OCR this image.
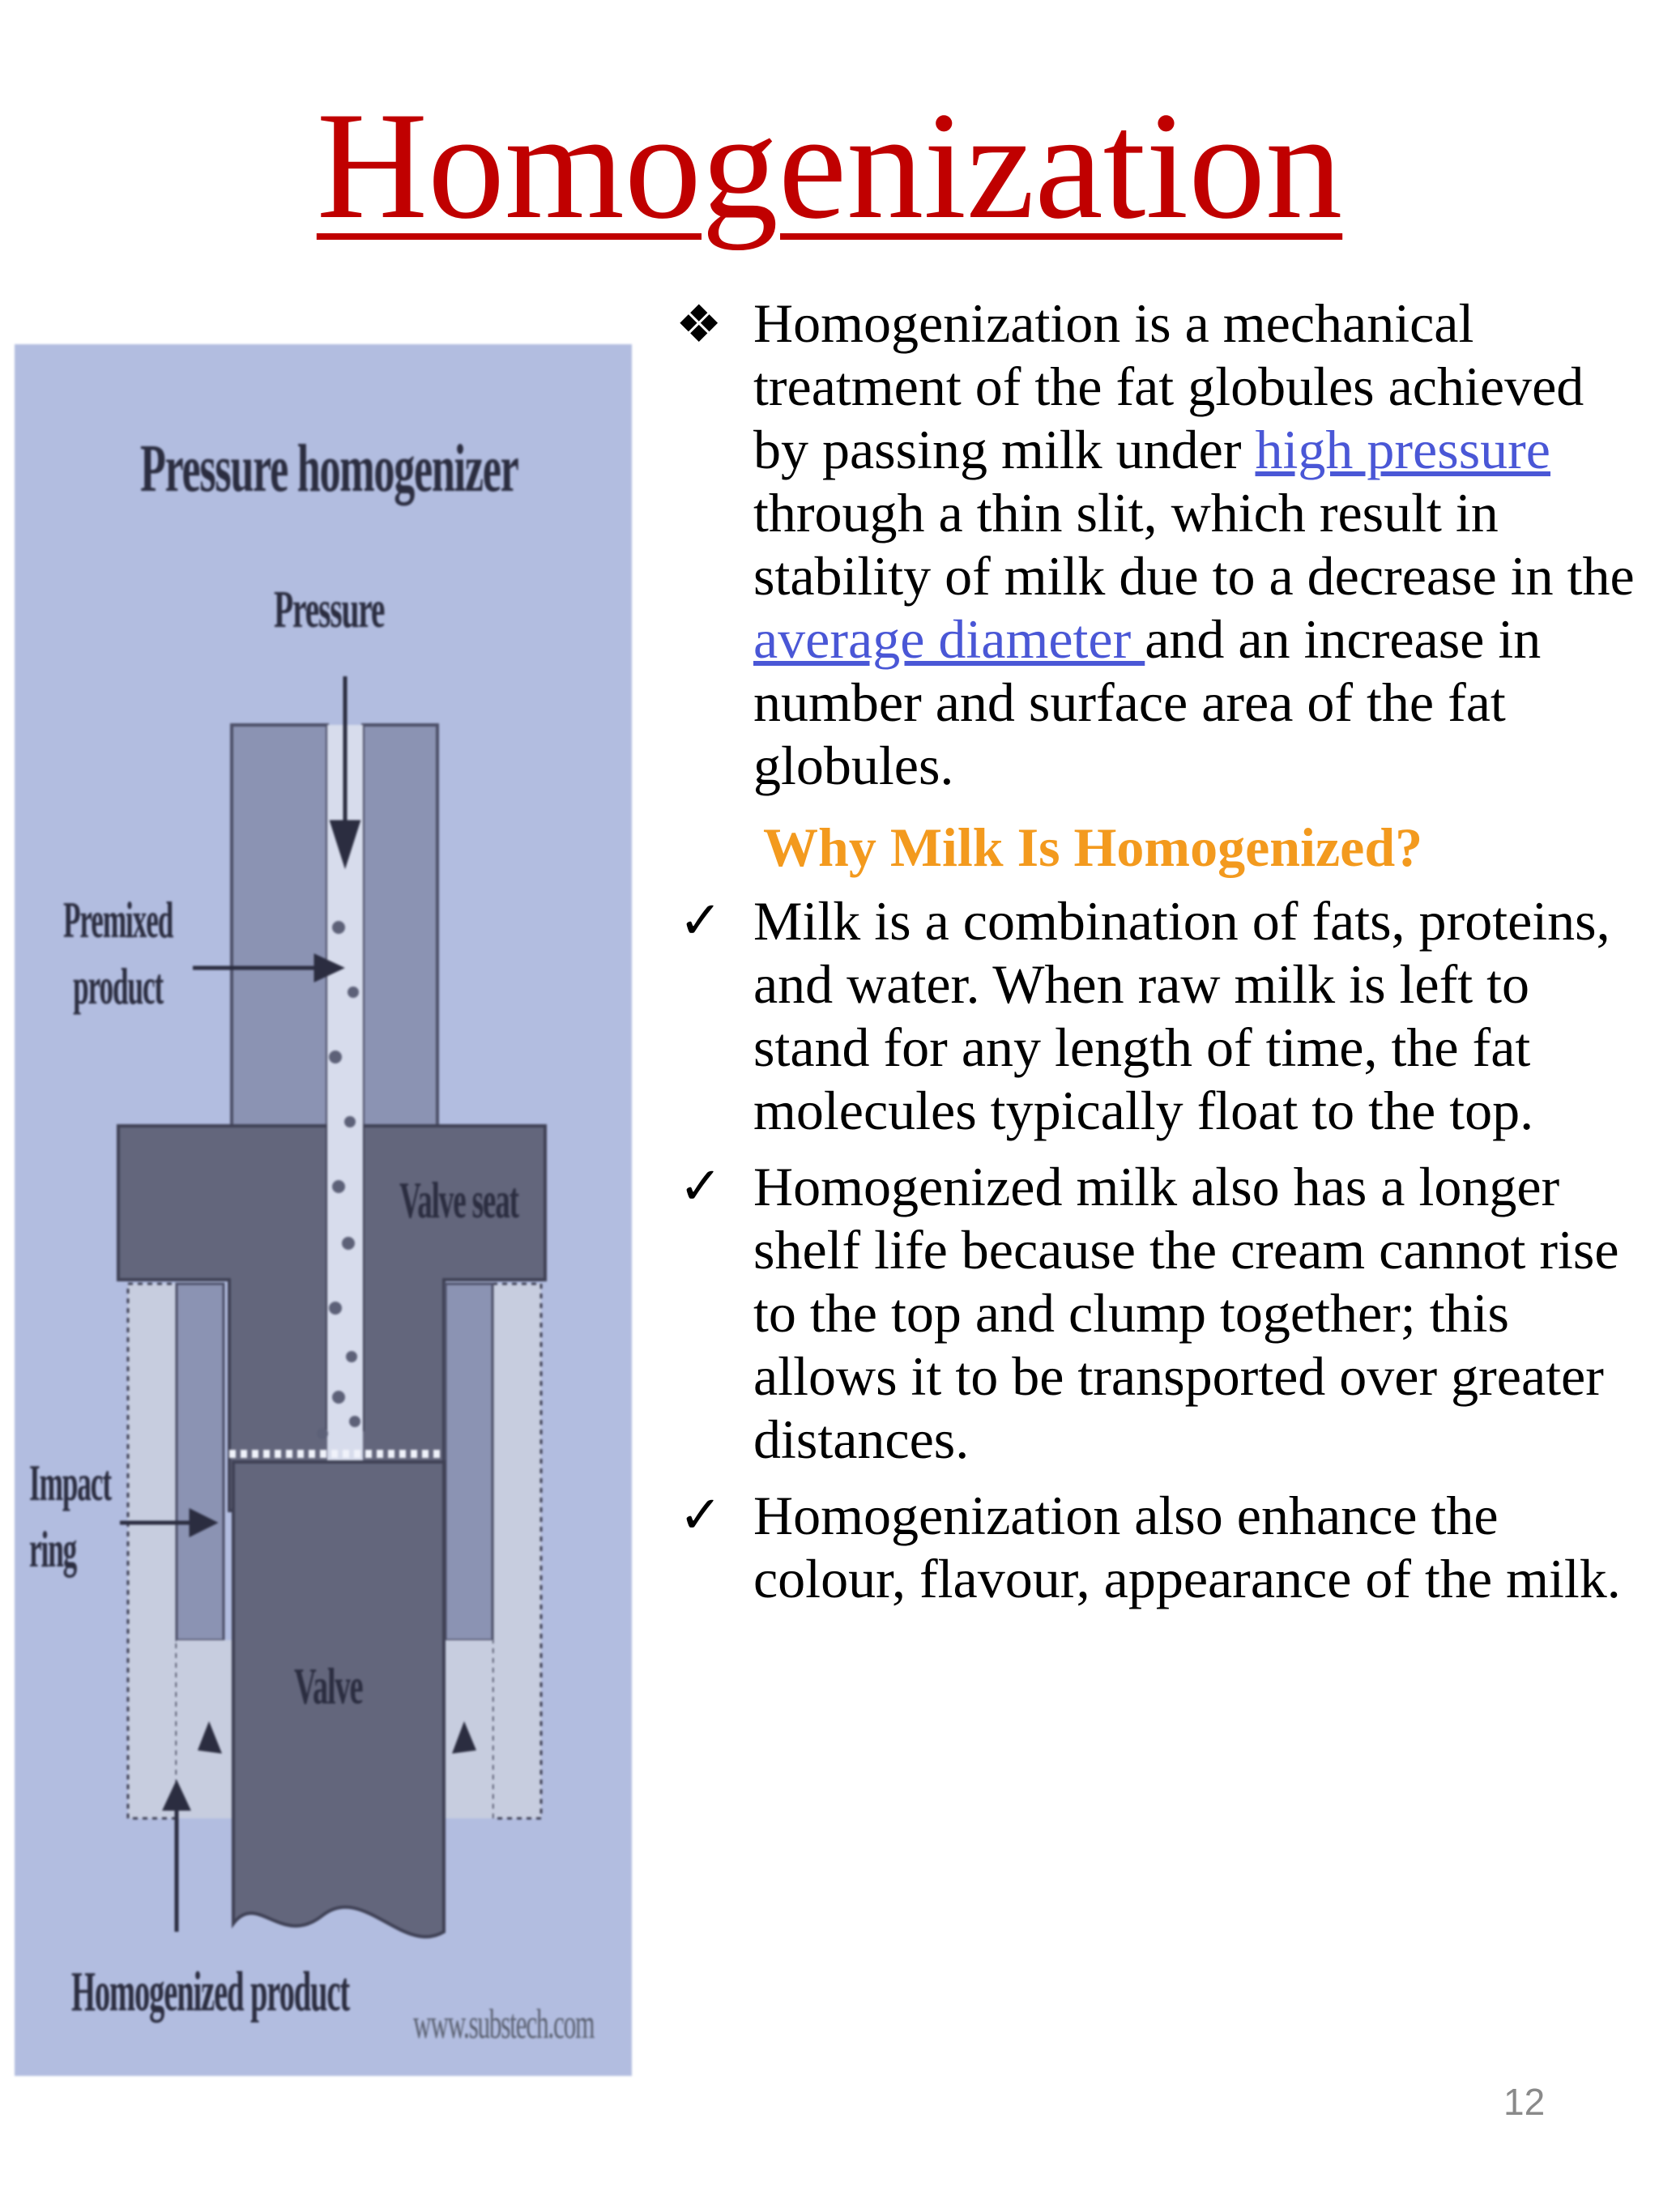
Homogenization
Pressure homogenizer
Pressure
Premixed
product
Valve seat
Impact
ring
Valve
Homogenized product
www.substech.com
❖ Homogenization is a mechanical treatment of the fat globules achieved by passing milk under high pressure through a thin slit, which result in stability of milk due to a decrease in the average diameter and an increase in number and surface area of the fat globules.
Why Milk Is Homogenized?
✓ Milk is a combination of fats, proteins, and water. When raw milk is left to stand for any length of time, the fat molecules typically float to the top.
✓ Homogenized milk also has a longer shelf life because the cream cannot rise to the top and clump together; this allows it to be transported over greater distances.
✓ Homogenization also enhance the colour, flavour, appearance of the milk.
12
